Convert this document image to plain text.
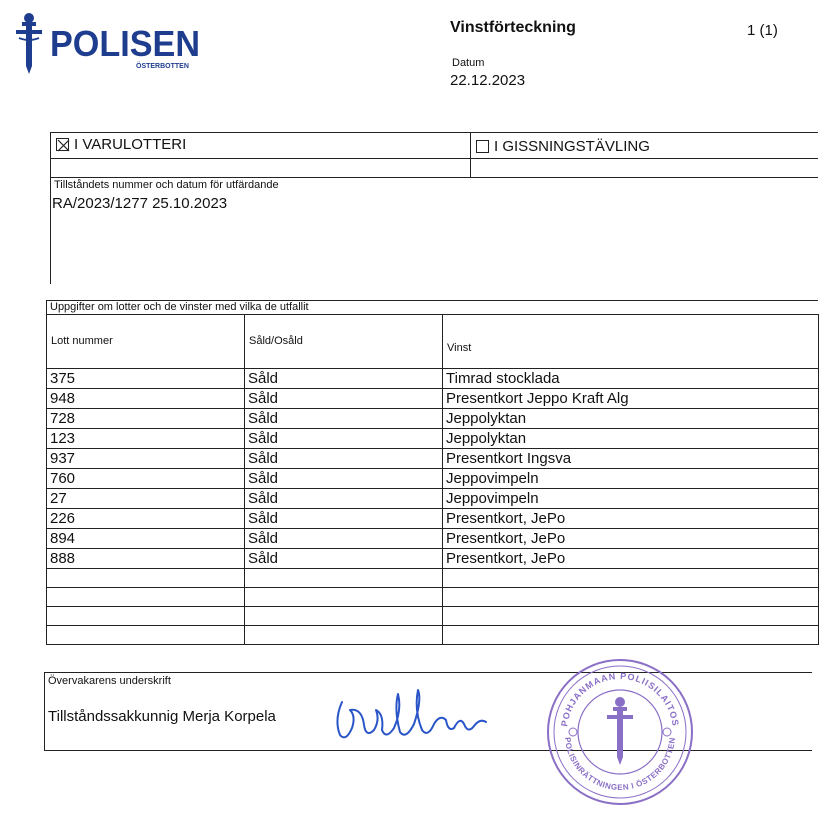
POLISEN
ÖSTERBOTTEN
Vinstförteckning	1 (1)
Datum
22.12.2023
I VARULOTTERI	I GISSNINGSTÄVLING
Tillståndets nummer och datum för utfärdande
RA/2023/1277 25.10.2023
Uppgifter om lotter och de vinster med vilka de utfallit
Lott nummer	Såld/Osåld	Vinst
375	Såld	Timrad stocklada
948	Såld	Presentkort Jeppo Kraft Alg
728	Såld	Jeppolyktan
123	Såld	Jeppolyktan
937	Såld	Presentkort Ingsva
760	Såld	Jeppovimpeln
27	Såld	Jeppovimpeln
226	Såld	Presentkort, JePo
894	Såld	Presentkort, JePo
888	Såld	Presentkort, JePo

Övervakarens underskrift
Tillståndssakkunnig Merja Korpela	POHJANMAAN POLIISILAITOS
POLISINRÄTTNINGEN I ÖSTERBOTTEN
